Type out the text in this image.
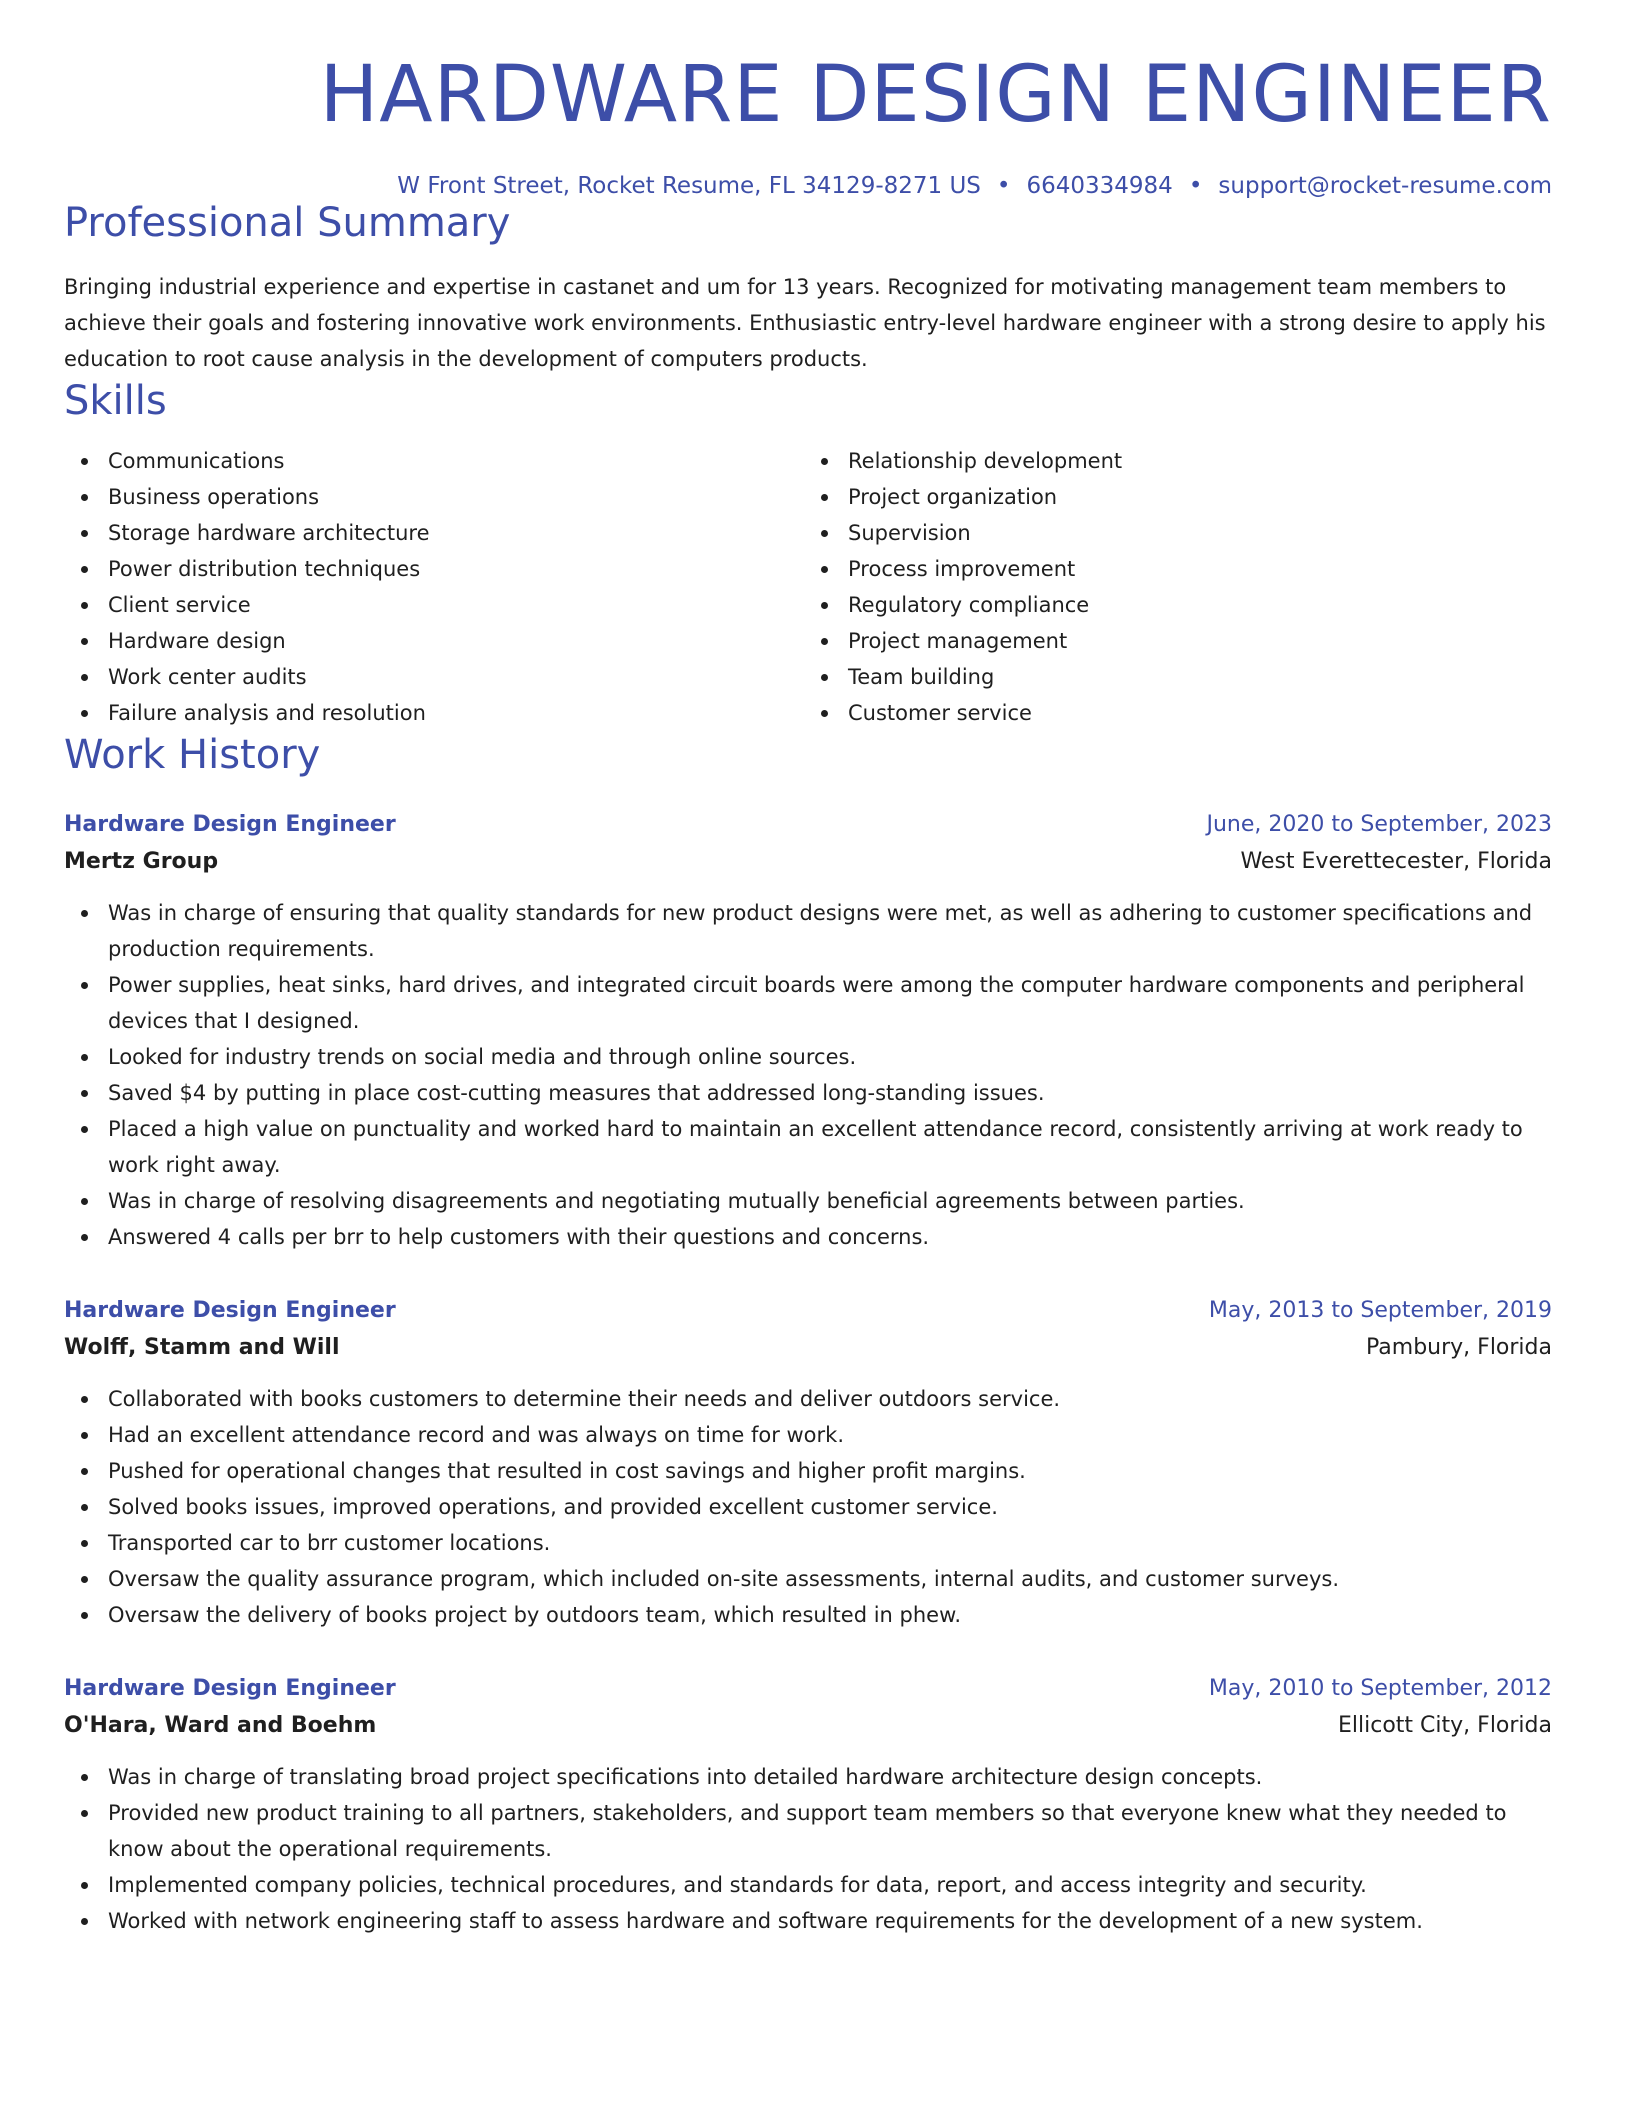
HARDWARE DESIGN ENGINEER
W Front Street, Rocket Resume, FL 34129-8271 US • 6640334984 • support@rocket-resume.com
Professional Summary
Bringing industrial experience and expertise in castanet and um for 13 years. Recognized for motivating management team members to achieve their goals and fostering innovative work environments. Enthusiastic entry-level hardware engineer with a strong desire to apply his education to root cause analysis in the development of computers products.
Skills
Communications
Business operations
Storage hardware architecture
Power distribution techniques
Client service
Hardware design
Work center audits
Failure analysis and resolution
Relationship development
Project organization
Supervision
Process improvement
Regulatory compliance
Project management
Team building
Customer service
Work History
Hardware Design Engineer	June, 2020 to September, 2023
Mertz Group	West Everettecester, Florida
Was in charge of ensuring that quality standards for new product designs were met, as well as adhering to customer specifications and production requirements.
Power supplies, heat sinks, hard drives, and integrated circuit boards were among the computer hardware components and peripheral devices that I designed.
Looked for industry trends on social media and through online sources.
Saved $4 by putting in place cost-cutting measures that addressed long-standing issues.
Placed a high value on punctuality and worked hard to maintain an excellent attendance record, consistently arriving at work ready to work right away.
Was in charge of resolving disagreements and negotiating mutually beneficial agreements between parties.
Answered 4 calls per brr to help customers with their questions and concerns.
Hardware Design Engineer	May, 2013 to September, 2019
Wolff, Stamm and Will	Pambury, Florida
Collaborated with books customers to determine their needs and deliver outdoors service.
Had an excellent attendance record and was always on time for work.
Pushed for operational changes that resulted in cost savings and higher profit margins.
Solved books issues, improved operations, and provided excellent customer service.
Transported car to brr customer locations.
Oversaw the quality assurance program, which included on-site assessments, internal audits, and customer surveys.
Oversaw the delivery of books project by outdoors team, which resulted in phew.
Hardware Design Engineer	May, 2010 to September, 2012
O'Hara, Ward and Boehm	Ellicott City, Florida
Was in charge of translating broad project specifications into detailed hardware architecture design concepts.
Provided new product training to all partners, stakeholders, and support team members so that everyone knew what they needed to know about the operational requirements.
Implemented company policies, technical procedures, and standards for data, report, and access integrity and security.
Worked with network engineering staff to assess hardware and software requirements for the development of a new system.
